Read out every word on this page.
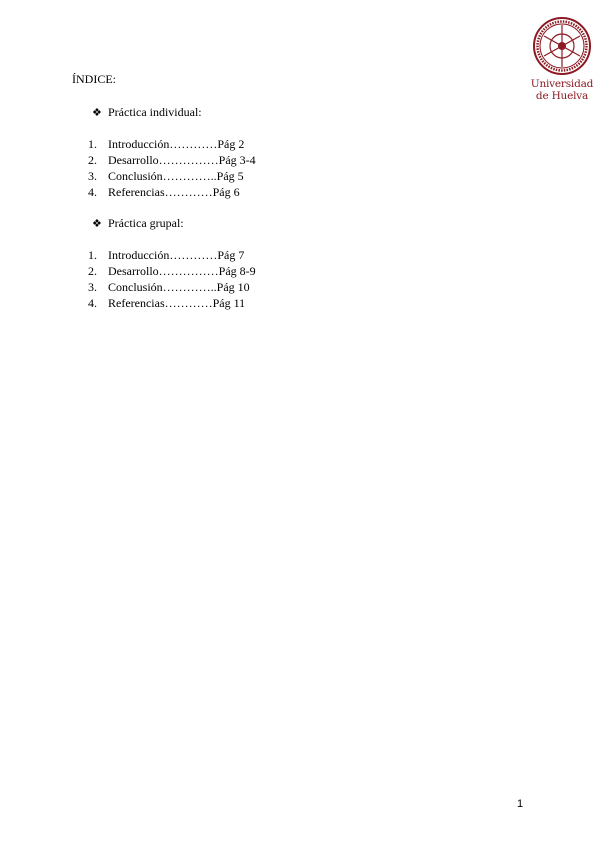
Universidad
de Huelva
ÍNDICE:
❖ Práctica individual:
1. Introducción…………Pág 2
2. Desarrollo……………Pág 3-4
3. Conclusión…………..Pág 5
4. Referencias…………Pág 6
❖ Práctica grupal:
1. Introducción…………Pág 7
2. Desarrollo……………Pág 8-9
3. Conclusión…………..Pág 10
4. Referencias…………Pág 11
1
